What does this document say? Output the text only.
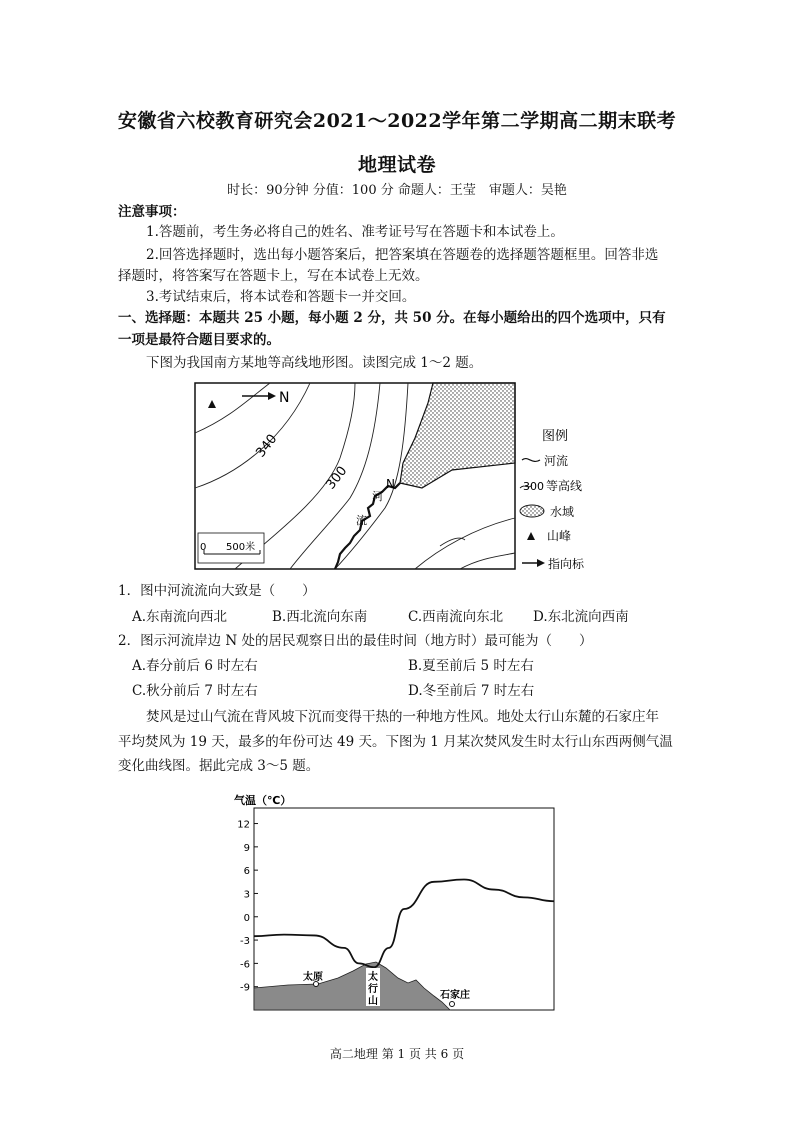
安徽省六校教育研究会2021～2022学年第二学期高二期末联考
地理试卷
时长：90分钟 分值：100 分 命题人：王莹　审题人：吴艳
注意事项：
1.答题前，考生务必将自己的姓名、准考证号写在答题卡和本试卷上。
2.回答选择题时，选出每小题答案后，把答案填在答题卷的选择题答题框里。回答非选
择题时，将答案写在答题卡上，写在本试卷上无效。
3.考试结束后，将本试卷和答题卡一并交回。
一、选择题：本题共 25 小题，每小题 2 分，共 50 分。在每小题给出的四个选项中，只有
一项是最符合题目要求的。
下图为我国南方某地等高线地形图。读图完成 1～2 题。
N
340
300	N
河
流
0 500米
图例
河流
300 等高线
水域
山峰
指向标
1．图中河流流向大致是（　　）
A.东南流向西北	B.西北流向东南	C.西南流向东北 D.东北流向西南
2．图示河流岸边 N 处的居民观察日出的最佳时间（地方时）最可能为（　　）
A.春分前后 6 时左右	B.夏至前后 5 时左右
C.秋分前后 7 时左右	D.冬至前后 7 时左右
焚风是过山气流在背风坡下沉而变得干热的一种地方性风。地处太行山东麓的石家庄年
平均焚风为 19 天，最多的年份可达 49 天。下图为 1 月某次焚风发生时太行山东西两侧气温
变化曲线图。据此完成 3～5 题。
气温（℃）
12
9
6
3
0
-3
-6
-9
太原	太行山
石家庄
高二地理 第 1 页 共 6 页
